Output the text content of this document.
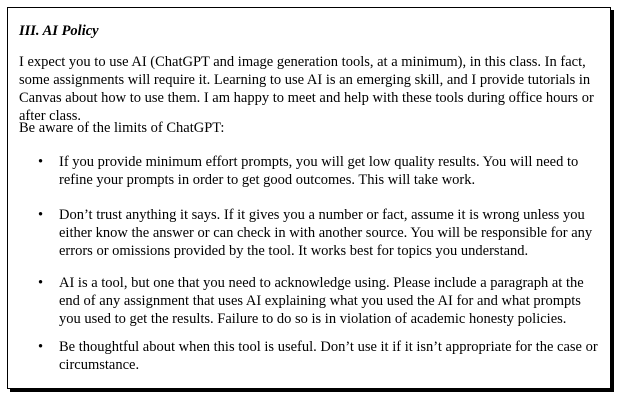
III. AI Policy

I expect you to use AI (ChatGPT and image generation tools, at a minimum), in this class. In fact, some assignments will require it. Learning to use AI is an emerging skill, and I provide tutorials in Canvas about how to use them. I am happy to meet and help with these tools during office hours or after class.

Be aware of the limits of ChatGPT:

• If you provide minimum effort prompts, you will get low quality results. You will need to refine your prompts in order to get good outcomes. This will take work.

• Don’t trust anything it says. If it gives you a number or fact, assume it is wrong unless you either know the answer or can check in with another source. You will be responsible for any errors or omissions provided by the tool. It works best for topics you understand.

• AI is a tool, but one that you need to acknowledge using. Please include a paragraph at the end of any assignment that uses AI explaining what you used the AI for and what prompts you used to get the results. Failure to do so is in violation of academic honesty policies.

• Be thoughtful about when this tool is useful. Don’t use it if it isn’t appropriate for the case or circumstance.
